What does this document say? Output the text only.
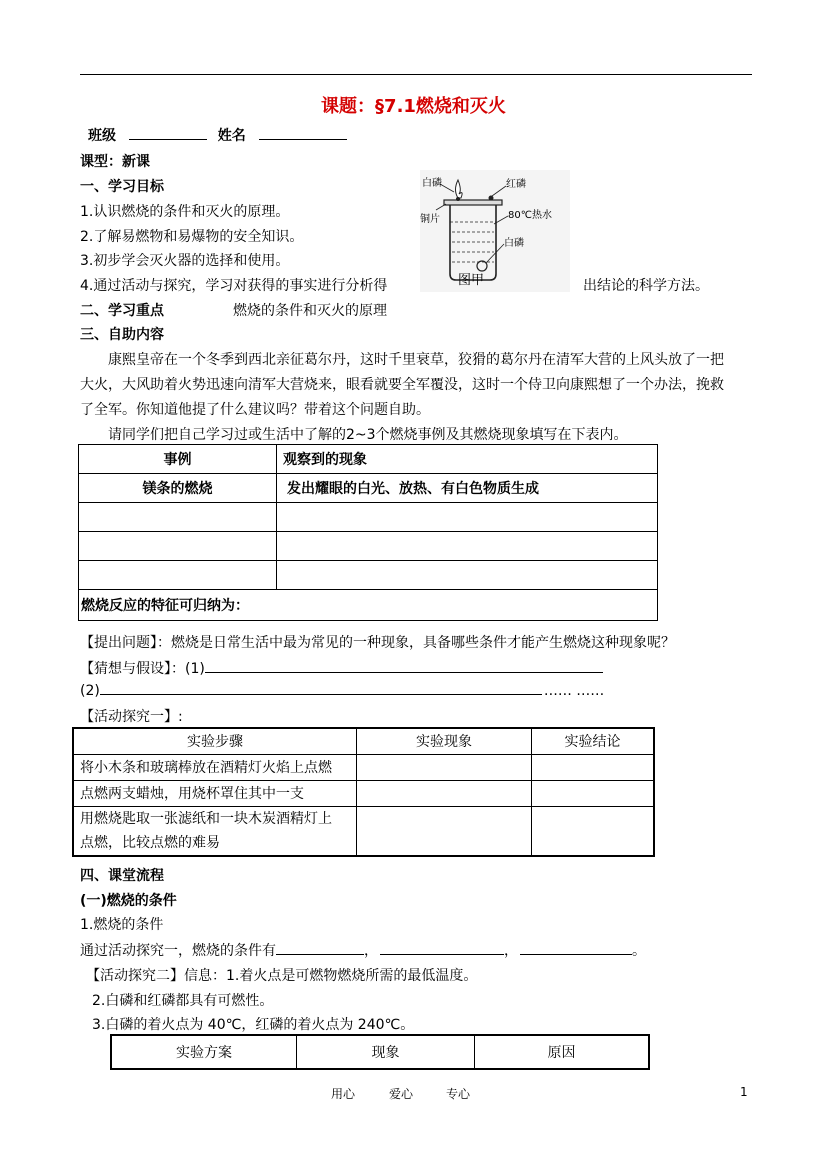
课题：§7.1燃烧和灭火
班级	姓名
课型：新课
一、学习目标
1.认识燃烧的条件和灭火的原理。
2.了解易燃物和易爆物的安全知识。
3.初步学会灭火器的选择和使用。
4.通过活动与探究，学习对获得的事实进行分析得	出结论的科学方法。
白磷	红磷
铜片	80℃热水
白磷
图甲
二、学习重点	燃烧的条件和灭火的原理
三、自助内容
康熙皇帝在一个冬季到西北亲征葛尔丹，这时千里衰草，狡猾的葛尔丹在清军大营的上风头放了一把
大火，大风助着火势迅速向清军大营烧来，眼看就要全军覆没，这时一个侍卫向康熙想了一个办法，挽救
了全军。你知道他提了什么建议吗？带着这个问题自助。
请同学们把自己学习过或生活中了解的2~3个燃烧事例及其燃烧现象填写在下表内。
事例	观察到的现象
镁条的燃烧	发出耀眼的白光、放热、有白色物质生成

燃烧反应的特征可归纳为：	
【提出问题】：燃烧是日常生活中最为常见的一种现象，具备哪些条件才能产生燃烧这种现象呢？
【猜想与假设】：(1)
(2)	…… ……
【活动探究一】:
实验步骤	实验现象	实验结论
将小木条和玻璃棒放在酒精灯火焰上点燃		
点燃两支蜡烛，用烧杯罩住其中一支		
用燃烧匙取一张滤纸和一块木炭酒精灯上
点燃，比较点燃的难易		
四、课堂流程
(一)燃烧的条件
1.燃烧的条件
通过活动探究一，燃烧的条件有	，	，	。
【活动探究二】信息：1.着火点是可燃物燃烧所需的最低温度。
2.白磷和红磷都具有可燃性。
3.白磷的着火点为 40℃，红磷的着火点为 240℃。
实验方案	现象	原因
用心	爱心	专心	1
